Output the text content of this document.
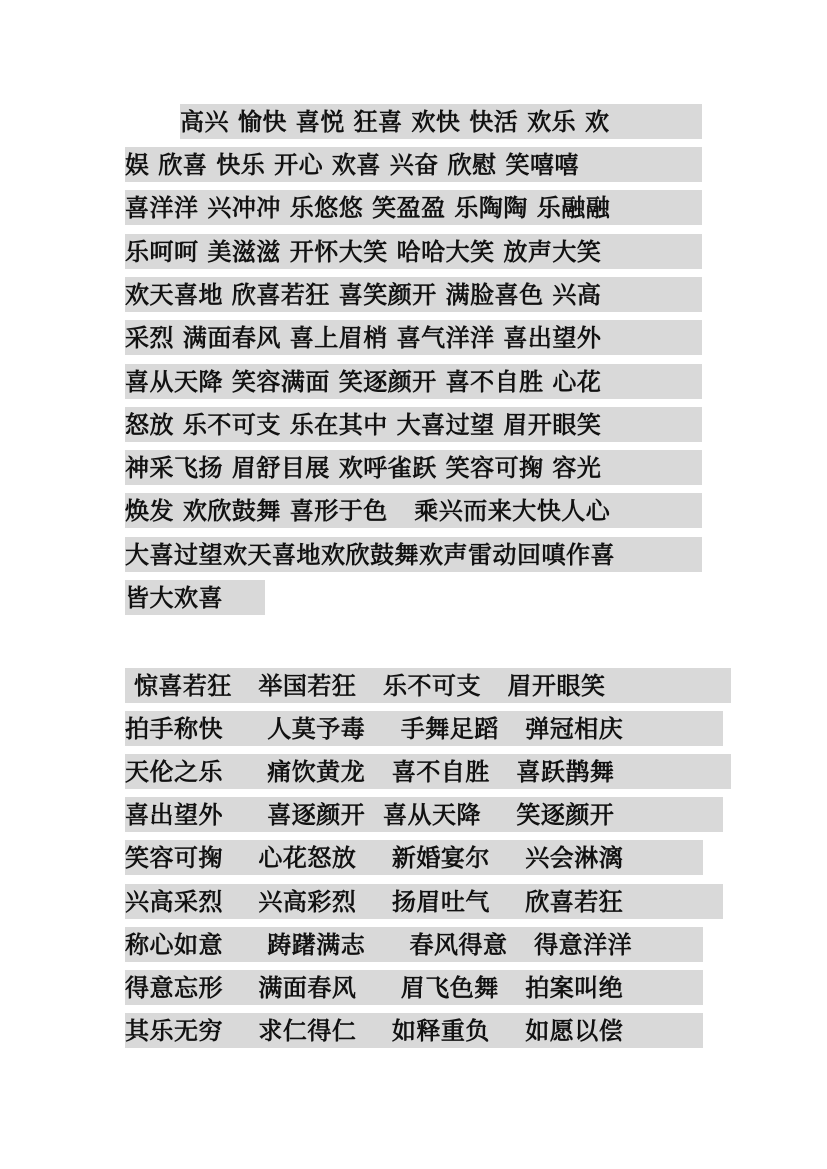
高兴 愉快 喜悦 狂喜 欢快 快活 欢乐 欢
娱 欣喜 快乐 开心 欢喜 兴奋 欣慰 笑嘻嘻
喜洋洋 兴冲冲 乐悠悠 笑盈盈 乐陶陶 乐融融
乐呵呵 美滋滋 开怀大笑 哈哈大笑 放声大笑
欢天喜地 欣喜若狂 喜笑颜开 满脸喜色 兴高
采烈 满面春风 喜上眉梢 喜气洋洋 喜出望外
喜从天降 笑容满面 笑逐颜开 喜不自胜 心花
怒放 乐不可支 乐在其中 大喜过望 眉开眼笑
神采飞扬 眉舒目展 欢呼雀跃 笑容可掬 容光
焕发 欢欣鼓舞 喜形于色   乘兴而来大快人心
大喜过望欢天喜地欢欣鼓舞欢声雷动回嗔作喜
皆大欢喜
惊喜若狂   举国若狂   乐不可支   眉开眼笑
拍手称快     人莫予毒    手舞足蹈   弹冠相庆
天伦之乐     痛饮黄龙   喜不自胜   喜跃鹊舞
喜出望外     喜逐颜开  喜从天降    笑逐颜开
笑容可掬    心花怒放    新婚宴尔    兴会淋漓
兴高采烈    兴高彩烈    扬眉吐气    欣喜若狂
称心如意     踌躇满志     春风得意   得意洋洋
得意忘形    满面春风     眉飞色舞   拍案叫绝
其乐无穷    求仁得仁    如释重负    如愿以偿
